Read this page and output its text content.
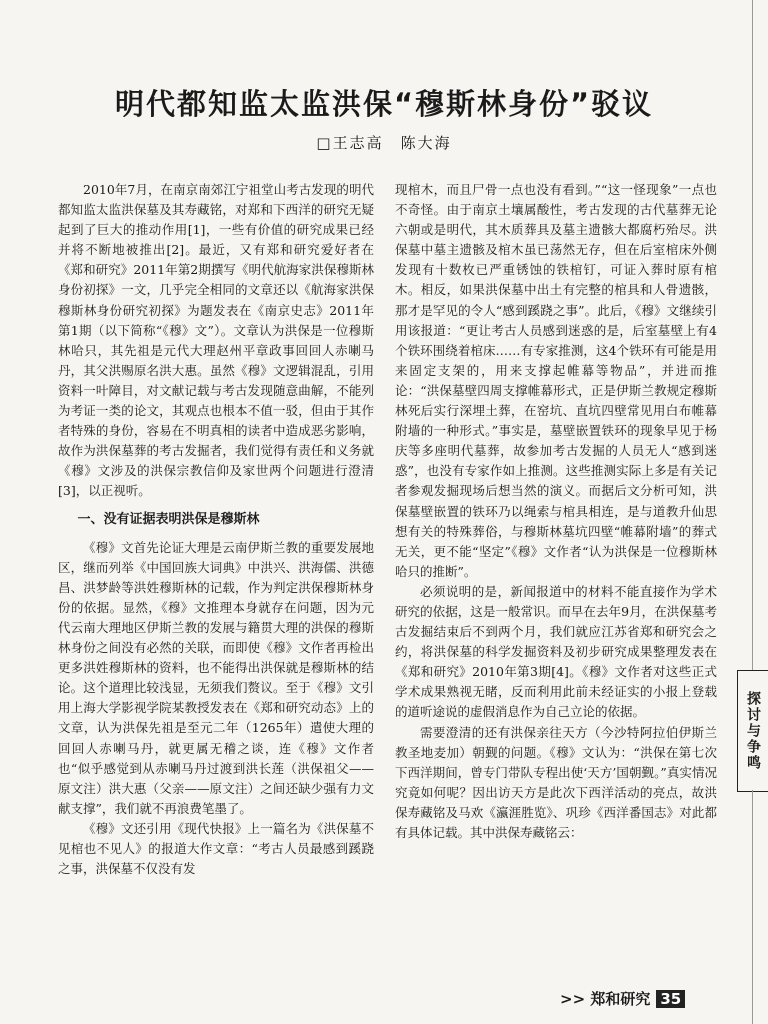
明代都知监太监洪保“穆斯林身份”驳议
□王志高　陈大海

2010年7月，在南京南郊江宁祖堂山考古发现的明代都知监太监洪保墓及其寿藏铭，对郑和下西洋的研究无疑起到了巨大的推动作用[1]，一些有价值的研究成果已经并将不断地被推出[2]。最近，又有郑和研究爱好者在《郑和研究》2011年第2期撰写《明代航海家洪保穆斯林身份初探》一文，几乎完全相同的文章还以《航海家洪保穆斯林身份研究初探》为题发表在《南京史志》2011年第1期（以下简称“《穆》文”）。文章认为洪保是一位穆斯林哈只，其先祖是元代大理赵州平章政事回回人赤喇马丹，其父洪赐原名洪大惠。虽然《穆》文逻辑混乱，引用资料一叶障目，对文献记载与考古发现随意曲解，不能列为考证一类的论文，其观点也根本不值一驳，但由于其作者特殊的身份，容易在不明真相的读者中造成恶劣影响，故作为洪保墓葬的考古发掘者，我们觉得有责任和义务就《穆》文涉及的洪保宗教信仰及家世两个问题进行澄清[3]，以正视听。

一、没有证据表明洪保是穆斯林

《穆》文首先论证大理是云南伊斯兰教的重要发展地区，继而列举《中国回族大词典》中洪兴、洪海儒、洪德昌、洪梦龄等洪姓穆斯林的记载，作为判定洪保穆斯林身份的依据。显然，《穆》文推理本身就存在问题，因为元代云南大理地区伊斯兰教的发展与籍贯大理的洪保的穆斯林身份之间没有必然的关联，而即使《穆》文作者再检出更多洪姓穆斯林的资料，也不能得出洪保就是穆斯林的结论。这个道理比较浅显，无须我们赘议。至于《穆》文引用上海大学影视学院某教授发表在《郑和研究动态》上的文章，认为洪保先祖是至元二年（1265年）遣使大理的回回人赤喇马丹，就更属无稽之谈，连《穆》文作者也“似乎感觉到从赤喇马丹过渡到洪长莲（洪保祖父——原文注）洪大惠（父亲——原文注）之间还缺少强有力文献支撑”，我们就不再浪费笔墨了。

《穆》文还引用《现代快报》上一篇名为《洪保墓不见棺也不见人》的报道大作文章：“考古人员最感到蹊跷之事，洪保墓不仅没有发

现棺木，而且尸骨一点也没有看到。”“这一怪现象”一点也不奇怪。由于南京土壤属酸性，考古发现的古代墓葬无论六朝或是明代，其木质葬具及墓主遗骸大都腐朽殆尽。洪保墓中墓主遗骸及棺木虽已荡然无存，但在后室棺床外侧发现有十数枚已严重锈蚀的铁棺钉，可证入葬时原有棺木。相反，如果洪保墓中出土有完整的棺具和人骨遗骸，那才是罕见的令人“感到蹊跷之事”。此后，《穆》文继续引用该报道：“更让考古人员感到迷惑的是，后室墓壁上有4个铁环围绕着棺床……有专家推测，这4个铁环有可能是用来固定支架的，用来支撑起帷幕等物品”，并进而推论：“洪保墓壁四周支撑帷幕形式，正是伊斯兰教规定穆斯林死后实行深埋土葬，在窑坑、直坑四壁常见用白布帷幕附墙的一种形式。”事实是，墓壁嵌置铁环的现象早见于杨庆等多座明代墓葬，故参加考古发掘的人员无人“感到迷惑”，也没有专家作如上推测。这些推测实际上多是有关记者参观发掘现场后想当然的演义。而据后文分析可知，洪保墓壁嵌置的铁环乃以绳索与棺具相连，是与道教升仙思想有关的特殊葬俗，与穆斯林墓坑四壁“帷幕附墙”的葬式无关，更不能“坚定”《穆》文作者“认为洪保是一位穆斯林哈只的推断”。

必须说明的是，新闻报道中的材料不能直接作为学术研究的依据，这是一般常识。而早在去年9月，在洪保墓考古发掘结束后不到两个月，我们就应江苏省郑和研究会之约，将洪保墓的科学发掘资料及初步研究成果整理发表在《郑和研究》2010年第3期[4]。《穆》文作者对这些正式学术成果熟视无睹，反而利用此前未经证实的小报上登载的道听途说的虚假消息作为自己立论的依据。

需要澄清的还有洪保亲往天方（今沙特阿拉伯伊斯兰教圣地麦加）朝觐的问题。《穆》文认为：“洪保在第七次下西洋期间，曾专门带队专程出使‘天方’国朝觐。”真实情况究竟如何呢？因出访天方是此次下西洋活动的亮点，故洪保寿藏铭及马欢《瀛涯胜览》、巩珍《西洋番国志》对此都有具体记载。其中洪保寿藏铭云：

探讨与争鸣
>> 郑和研究 35
